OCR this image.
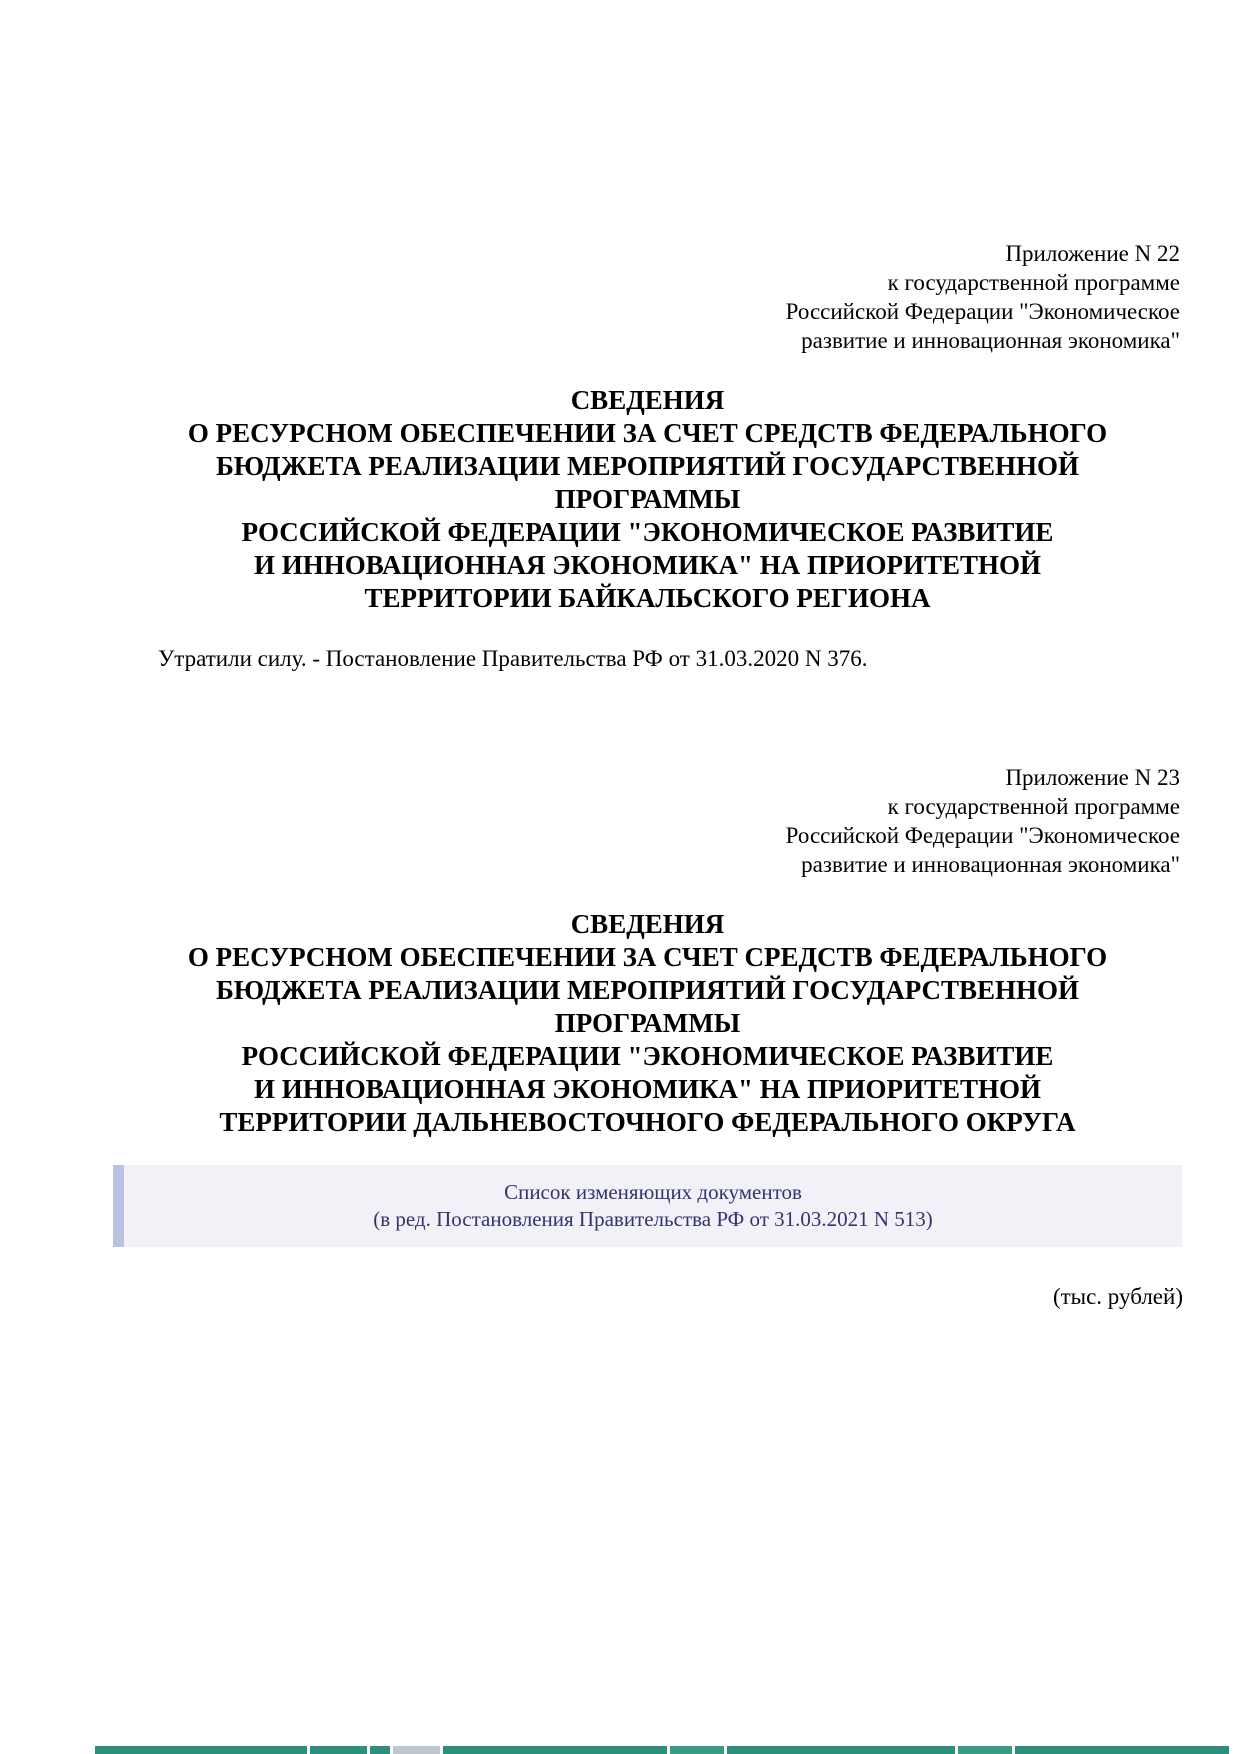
Приложение N 22
к государственной программе
Российской Федерации "Экономическое
развитие и инновационная экономика"
СВЕДЕНИЯ
О РЕСУРСНОМ ОБЕСПЕЧЕНИИ ЗА СЧЕТ СРЕДСТВ ФЕДЕРАЛЬНОГО
БЮДЖЕТА РЕАЛИЗАЦИИ МЕРОПРИЯТИЙ ГОСУДАРСТВЕННОЙ
ПРОГРАММЫ
РОССИЙСКОЙ ФЕДЕРАЦИИ "ЭКОНОМИЧЕСКОЕ РАЗВИТИЕ
И ИННОВАЦИОННАЯ ЭКОНОМИКА" НА ПРИОРИТЕТНОЙ
ТЕРРИТОРИИ БАЙКАЛЬСКОГО РЕГИОНА
Утратили силу. - Постановление Правительства РФ от 31.03.2020 N 376.
Приложение N 23
к государственной программе
Российской Федерации "Экономическое
развитие и инновационная экономика"
СВЕДЕНИЯ
О РЕСУРСНОМ ОБЕСПЕЧЕНИИ ЗА СЧЕТ СРЕДСТВ ФЕДЕРАЛЬНОГО
БЮДЖЕТА РЕАЛИЗАЦИИ МЕРОПРИЯТИЙ ГОСУДАРСТВЕННОЙ
ПРОГРАММЫ
РОССИЙСКОЙ ФЕДЕРАЦИИ "ЭКОНОМИЧЕСКОЕ РАЗВИТИЕ
И ИННОВАЦИОННАЯ ЭКОНОМИКА" НА ПРИОРИТЕТНОЙ
ТЕРРИТОРИИ ДАЛЬНЕВОСТОЧНОГО ФЕДЕРАЛЬНОГО ОКРУГА
Список изменяющих документов
(в ред. Постановления Правительства РФ от 31.03.2021 N 513)
(тыс. рублей)
